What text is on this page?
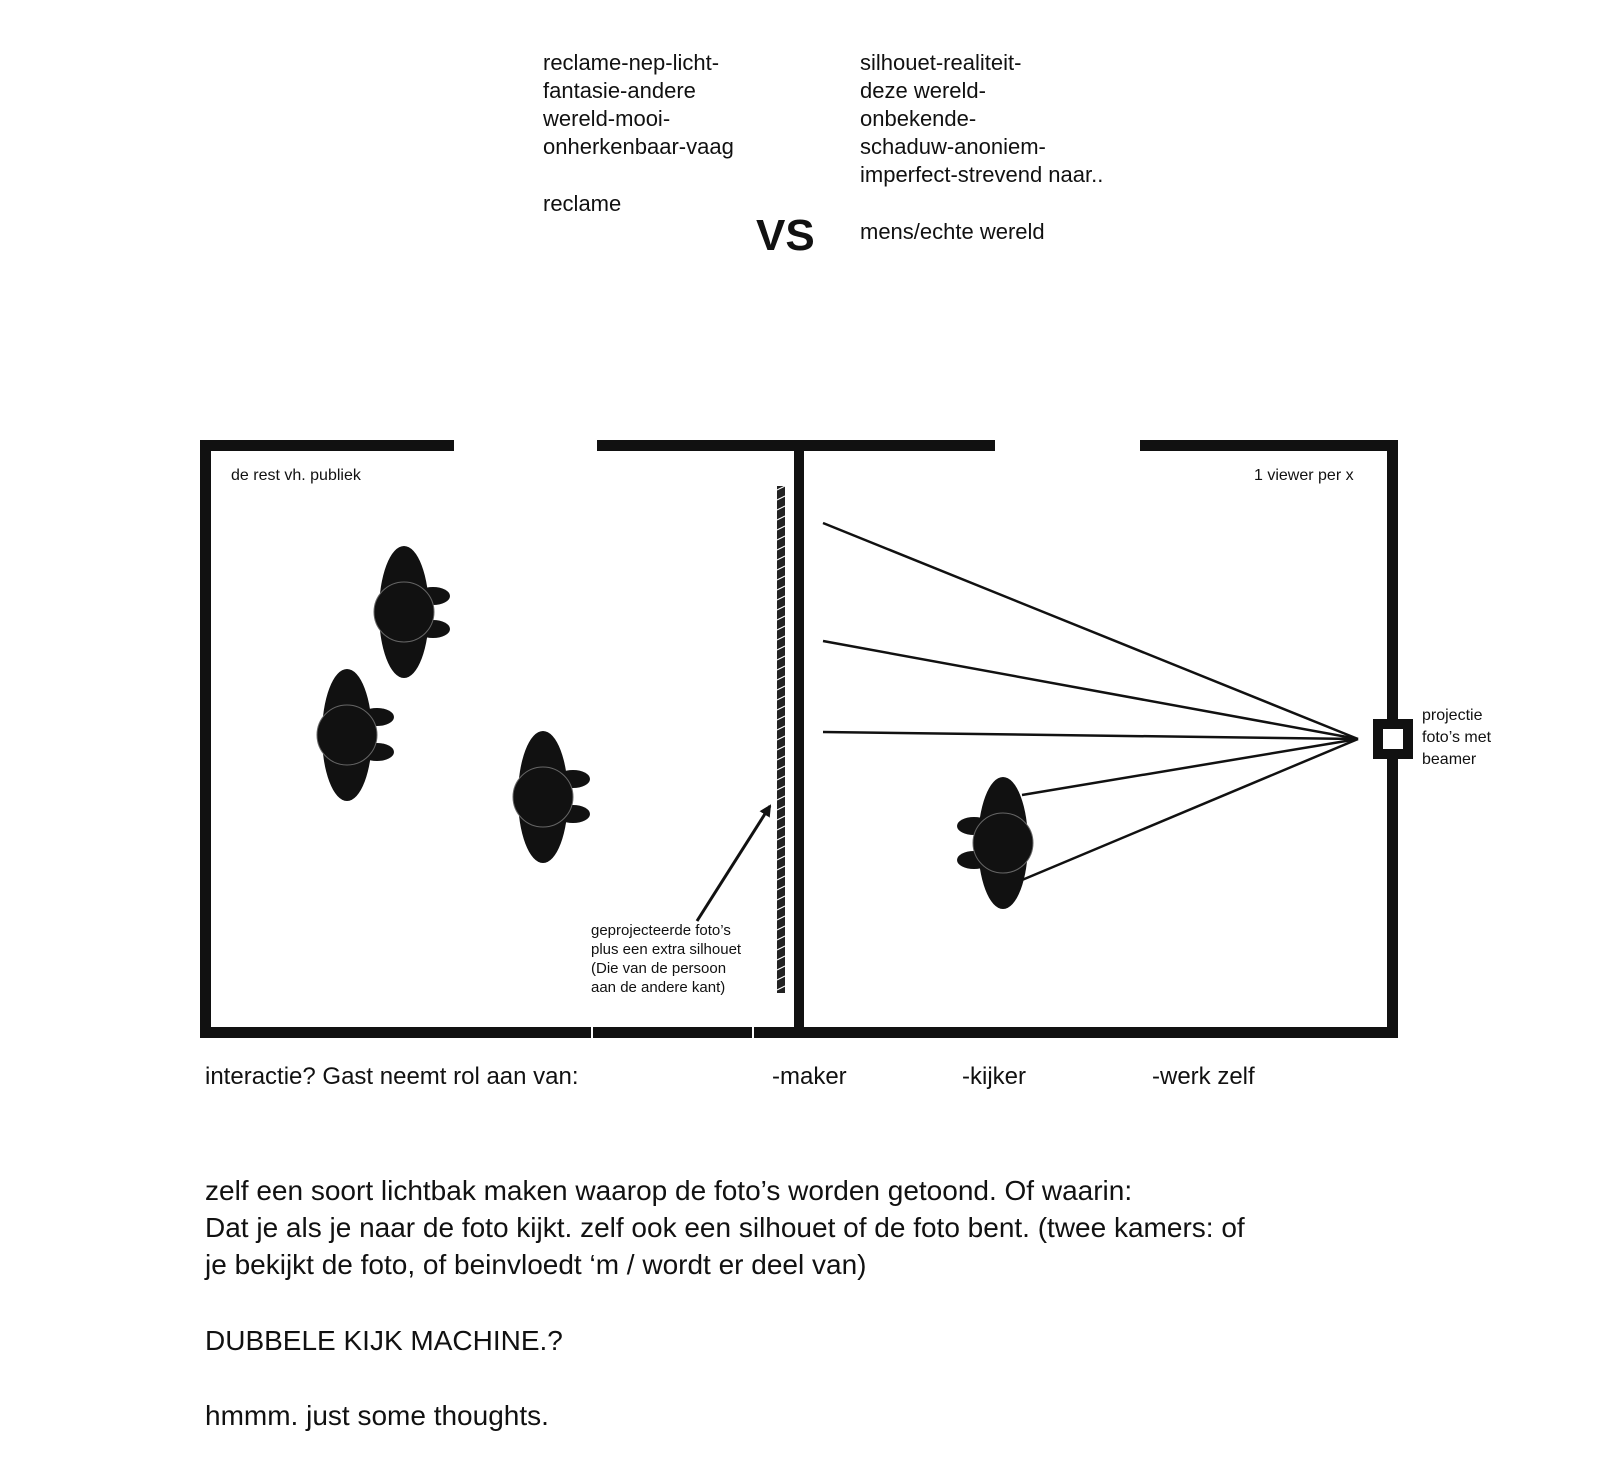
reclame-nep-licht-
fantasie-andere
wereld-mooi-
onherkenbaar-vaag
reclame
VS
silhouet-realiteit-
deze wereld-
onbekende-
schaduw-anoniem-
imperfect-strevend naar..
mens/echte wereld
de rest vh. publiek	1 viewer per x
geprojecteerde foto’s
plus een extra silhouet
(Die van de persoon
aan de andere kant)
projectie
foto’s met
beamer
interactie? Gast neemt rol aan van:	-maker	-kijker	-werk zelf
zelf een soort lichtbak maken waarop de foto’s worden getoond. Of waarin:
Dat je als je naar de foto kijkt. zelf ook een silhouet of de foto bent. (twee kamers: of
je bekijkt de foto, of beinvloedt ‘m / wordt er deel van)
DUBBELE KIJK MACHINE.?
hmmm. just some thoughts.
